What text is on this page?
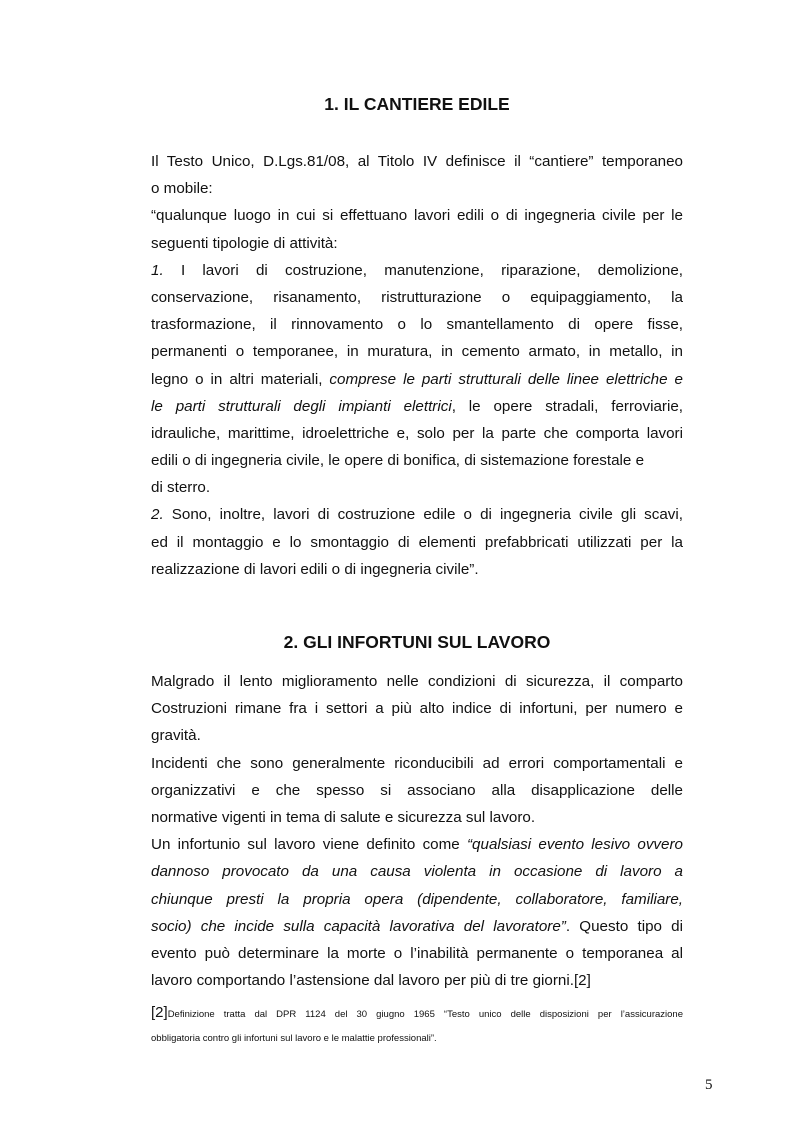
1. IL CANTIERE EDILE
Il Testo Unico, D.Lgs.81/08, al Titolo IV definisce il “cantiere” temporaneo
o mobile:
“qualunque luogo in cui si effettuano lavori edili o di ingegneria civile per le
seguenti tipologie di attività:
1. I lavori di costruzione, manutenzione, riparazione, demolizione,
conservazione, risanamento, ristrutturazione o equipaggiamento, la
trasformazione, il rinnovamento o lo smantellamento di opere fisse,
permanenti o temporanee, in muratura, in cemento armato, in metallo, in
legno o in altri materiali, comprese le parti strutturali delle linee elettriche e
le parti strutturali degli impianti elettrici, le opere stradali, ferroviarie,
idrauliche, marittime, idroelettriche e, solo per la parte che comporta lavori
edili o di ingegneria civile, le opere di bonifica, di sistemazione forestale e
di sterro.
2. Sono, inoltre, lavori di costruzione edile o di ingegneria civile gli scavi,
ed il montaggio e lo smontaggio di elementi prefabbricati utilizzati per la
realizzazione di lavori edili o di ingegneria civile”.
2. GLI INFORTUNI SUL LAVORO
Malgrado il lento miglioramento nelle condizioni di sicurezza, il comparto
Costruzioni rimane fra i settori a più alto indice di infortuni, per numero e
gravità.
Incidenti che sono generalmente riconducibili ad errori comportamentali e
organizzativi e che spesso si associano alla disapplicazione delle
normative vigenti in tema di salute e sicurezza sul lavoro.
Un infortunio sul lavoro viene definito come “qualsiasi evento lesivo ovvero
dannoso provocato da una causa violenta in occasione di lavoro a
chiunque presti la propria opera (dipendente, collaboratore, familiare,
socio) che incide sulla capacità lavorativa del lavoratore”. Questo tipo di
evento può determinare la morte o l’inabilità permanente o temporanea al
lavoro comportando l’astensione dal lavoro per più di tre giorni.[2]
[2]Definizione tratta dal DPR 1124 del 30 giugno 1965 “Testo unico delle disposizioni per l’assicurazione
obbligatoria contro gli infortuni sul lavoro e le malattie professionali”.
5
